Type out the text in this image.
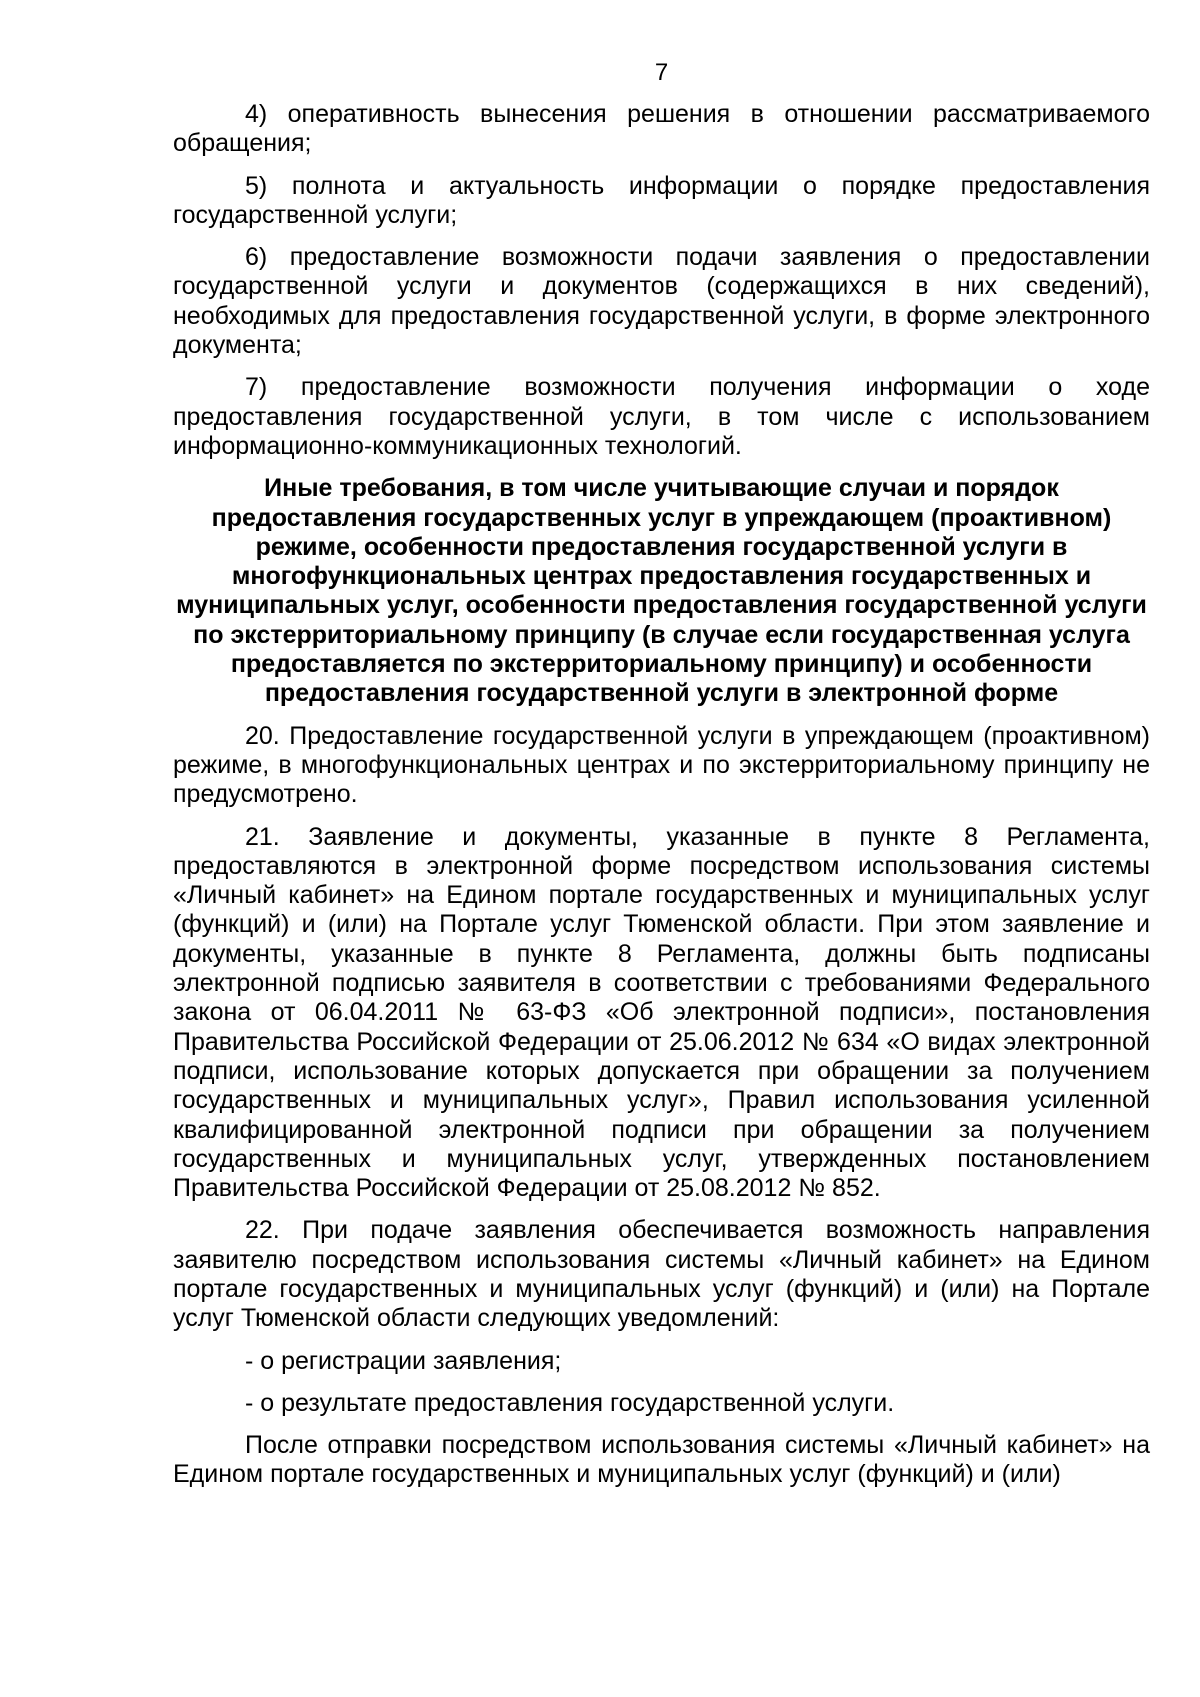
7

4) оперативность вынесения решения в отношении рассматриваемого обращения;

5) полнота и актуальность информации о порядке предоставления государственной услуги;

6) предоставление возможности подачи заявления о предоставлении государственной услуги и документов (содержащихся в них сведений), необходимых для предоставления государственной услуги, в форме электронного документа;

7) предоставление возможности получения информации о ходе предоставления государственной услуги, в том числе с использованием информационно-коммуникационных технологий.

Иные требования, в том числе учитывающие случаи и порядок предоставления государственных услуг в упреждающем (проактивном) режиме, особенности предоставления государственной услуги в многофункциональных центрах предоставления государственных и муниципальных услуг, особенности предоставления государственной услуги по экстерриториальному принципу (в случае если государственная услуга предоставляется по экстерриториальному принципу) и особенности предоставления государственной услуги в электронной форме

20. Предоставление государственной услуги в упреждающем (проактивном) режиме, в многофункциональных центрах и по экстерриториальному принципу не предусмотрено.

21. Заявление и документы, указанные в пункте 8 Регламента, предоставляются в электронной форме посредством использования системы «Личный кабинет» на Едином портале государственных и муниципальных услуг (функций) и (или) на Портале услуг Тюменской области. При этом заявление и документы, указанные в пункте 8 Регламента, должны быть подписаны электронной подписью заявителя в соответствии с требованиями Федерального закона от 06.04.2011 № 63-ФЗ «Об электронной подписи», постановления Правительства Российской Федерации от 25.06.2012 № 634 «О видах электронной подписи, использование которых допускается при обращении за получением государственных и муниципальных услуг», Правил использования усиленной квалифицированной электронной подписи при обращении за получением государственных и муниципальных услуг, утвержденных постановлением Правительства Российской Федерации от 25.08.2012 № 852.

22. При подаче заявления обеспечивается возможность направления заявителю посредством использования системы «Личный кабинет» на Едином портале государственных и муниципальных услуг (функций) и (или) на Портале услуг Тюменской области следующих уведомлений:

- о регистрации заявления;

- о результате предоставления государственной услуги.

После отправки посредством использования системы «Личный кабинет» на Едином портале государственных и муниципальных услуг (функций) и (или)
